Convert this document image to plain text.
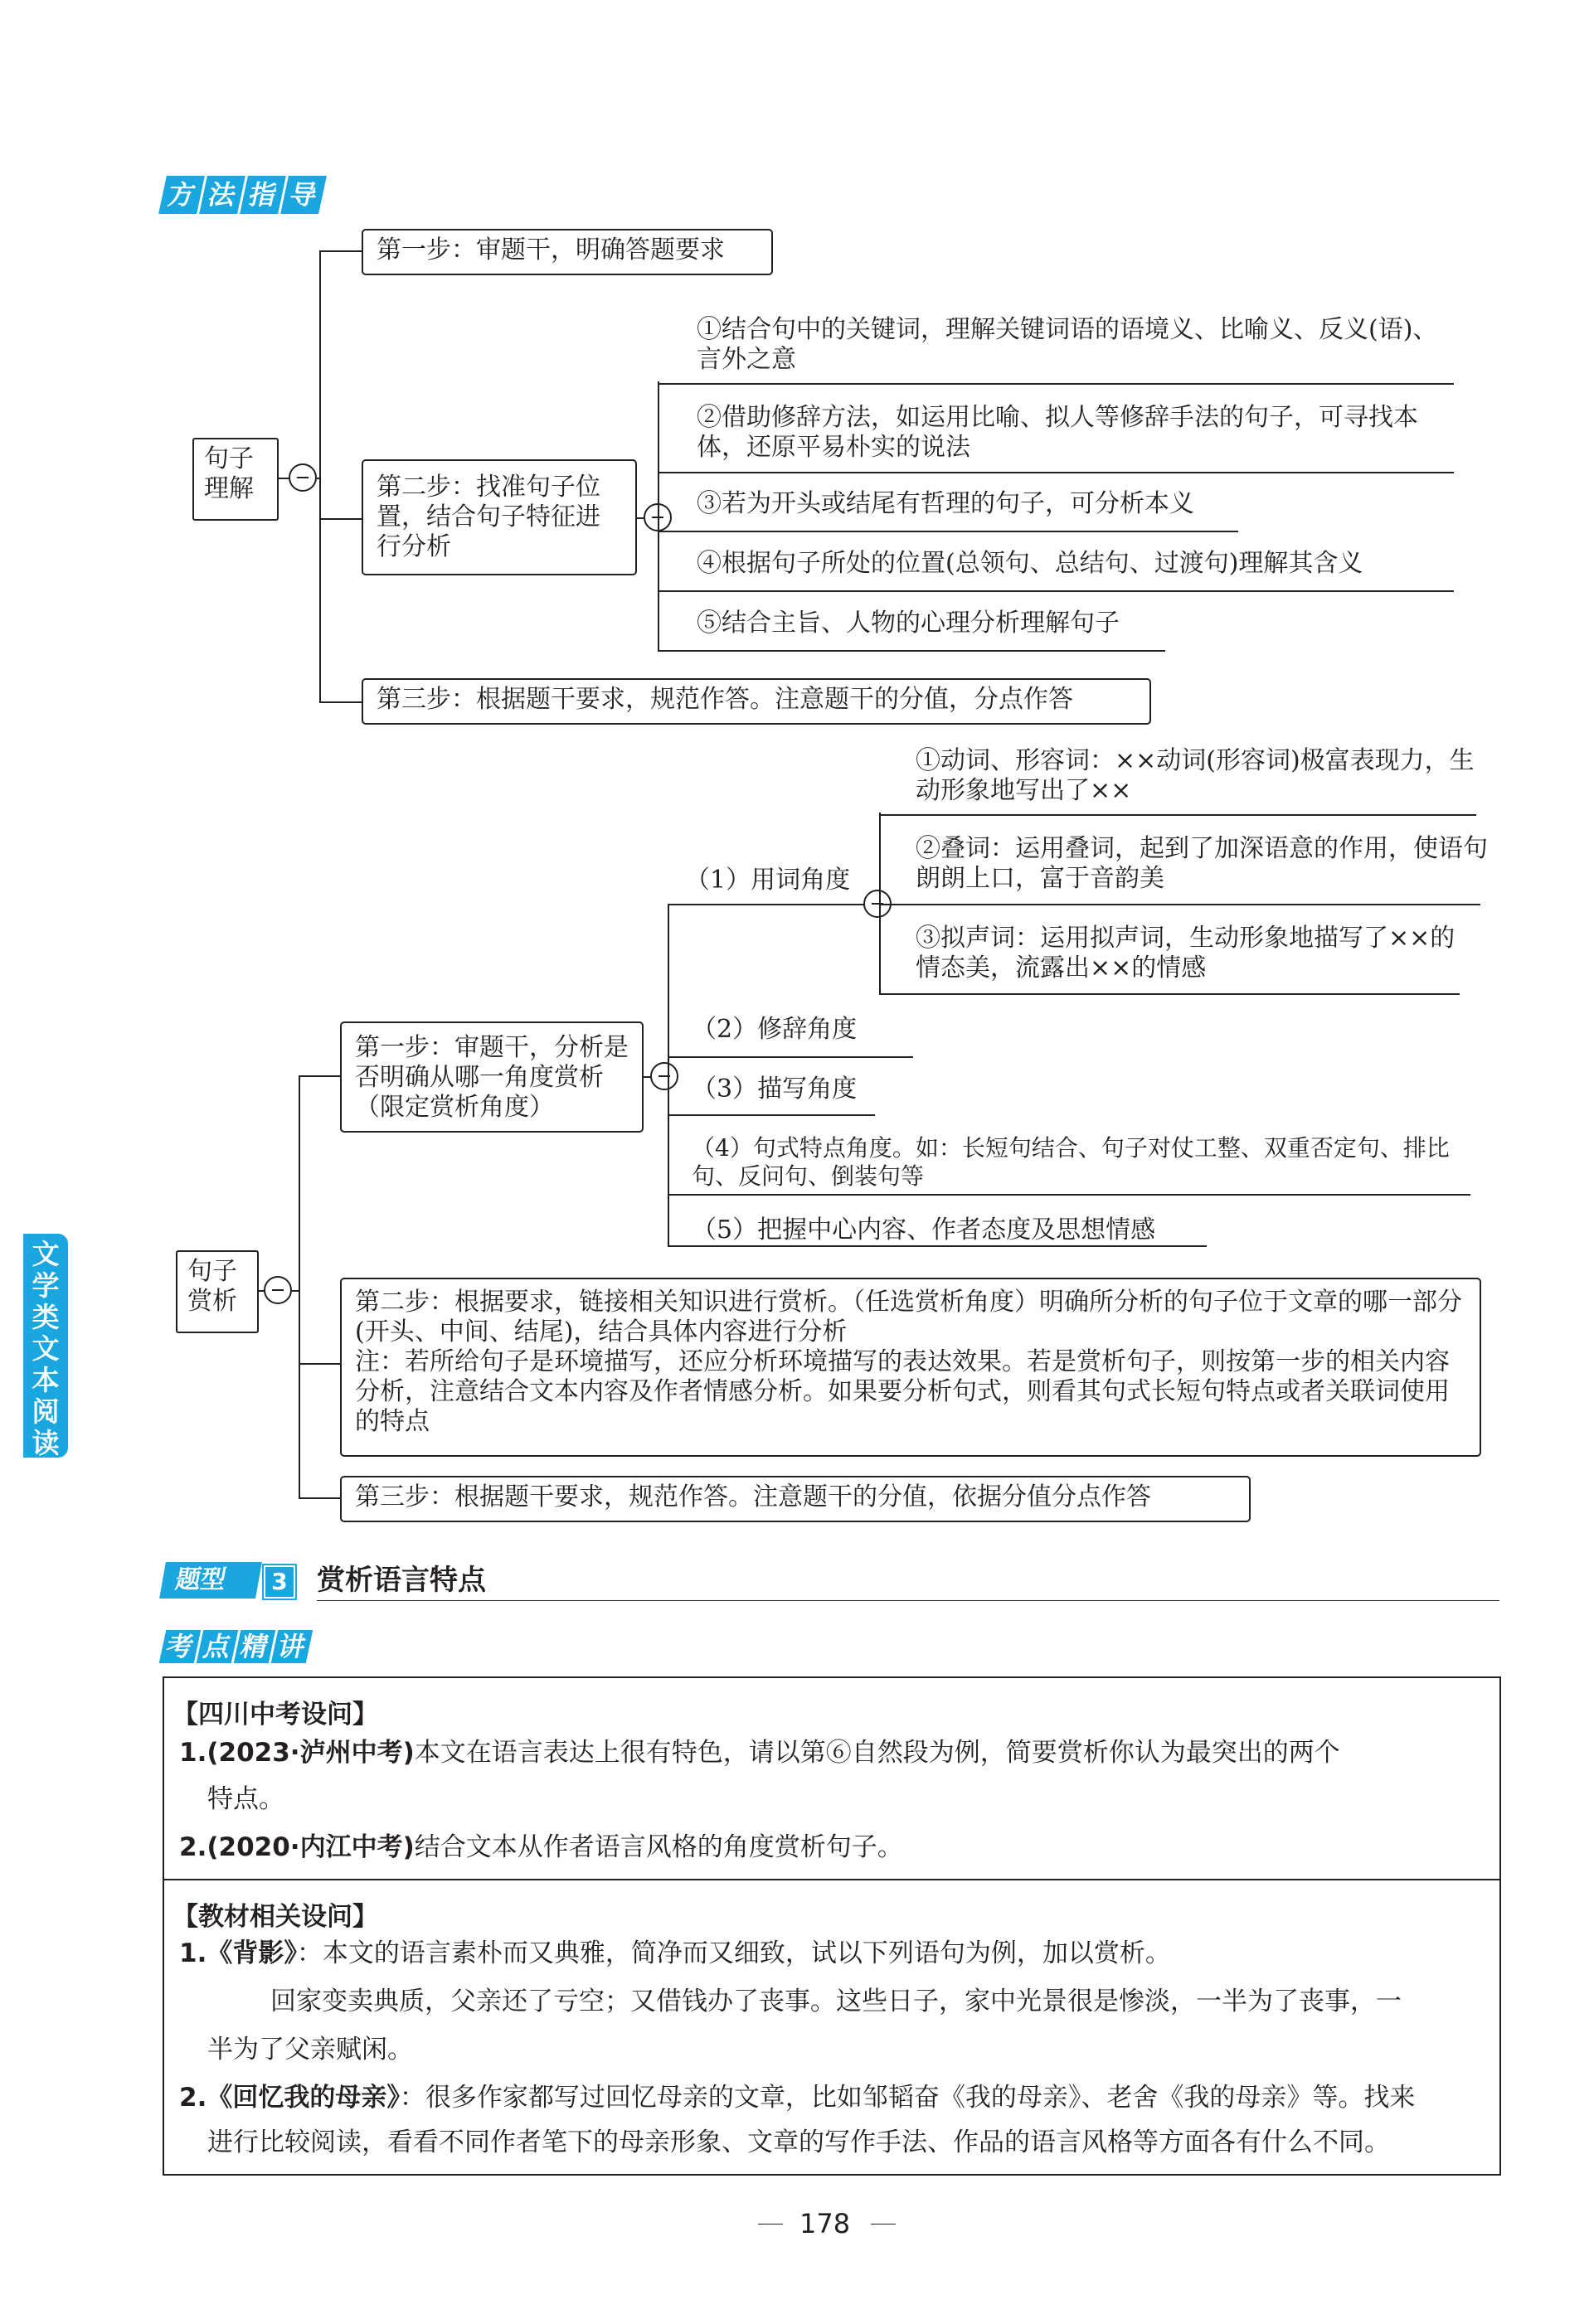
方 法 指 导
句子理解
第一步：审题干，明确答题要求
第二步：找准句子位置，结合句子特征进行分析
第三步：根据题干要求，规范作答。注意题干的分值，分点作答
①结合句中的关键词，理解关键词语的语境义、比喻义、反义(语)、言外之意
②借助修辞方法，如运用比喻、拟人等修辞手法的句子，可寻找本体，还原平易朴实的说法
③若为开头或结尾有哲理的句子，可分析本义
④根据句子所处的位置(总领句、总结句、过渡句)理解其含义
⑤结合主旨、人物的心理分析理解句子
句子赏析
第一步：审题干，分析是否明确从哪一角度赏析（限定赏析角度）
（1）用词角度
①动词、形容词：××动词(形容词)极富表现力，生动形象地写出了××
②叠词：运用叠词，起到了加深语意的作用，使语句朗朗上口，富于音韵美
③拟声词：运用拟声词，生动形象地描写了××的情态美，流露出××的情感
（2）修辞角度
（3）描写角度
（4）句式特点角度。如：长短句结合、句子对仗工整、双重否定句、排比句、反问句、倒装句等
（5）把握中心内容、作者态度及思想情感
第二步：根据要求，链接相关知识进行赏析。（任选赏析角度）明确所分析的句子位于文章的哪一部分(开头、中间、结尾)，结合具体内容进行分析
注：若所给句子是环境描写，还应分析环境描写的表达效果。若是赏析句子，则按第一步的相关内容分析，注意结合文本内容及作者情感分析。如果要分析句式，则看其句式长短句特点或者关联词使用的特点
第三步：根据题干要求，规范作答。注意题干的分值，依据分值分点作答
文
学
类
文
本
阅
读
题型	3 赏析语言特点
考 点 精 讲
【四川中考设问】
1.(2023·泸州中考)本文在语言表达上很有特色，请以第⑥自然段为例，简要赏析你认为最突出的两个
特点。
2.(2020·内江中考)结合文本从作者语言风格的角度赏析句子。
【教材相关设问】
1.《背影》：本文的语言素朴而又典雅，简净而又细致，试以下列语句为例，加以赏析。
回家变卖典质，父亲还了亏空；又借钱办了丧事。这些日子，家中光景很是惨淡，一半为了丧事，一
半为了父亲赋闲。
2.《回忆我的母亲》：很多作家都写过回忆母亲的文章，比如邹韬奋《我的母亲》、老舍《我的母亲》等。找来
进行比较阅读，看看不同作者笔下的母亲形象、文章的写作手法、作品的语言风格等方面各有什么不同。
178
